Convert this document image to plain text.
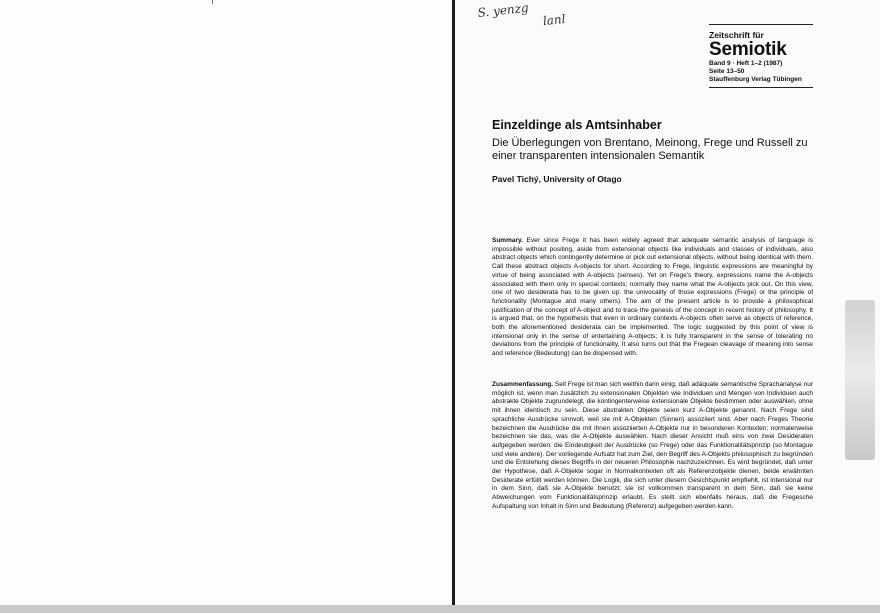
S. yenzg
lanl
Zeitschrift für
Semiotik
Band 9 · Heft 1–2 (1987)
Seite 13–50
Stauffenburg Verlag Tübingen
Einzeldinge als Amtsinhaber

Die Überlegungen von Brentano, Meinong, Frege und Russell zu einer transparenten intensionalen Semantik

Pavel Tichý, University of Otago

Summary. Ever since Frege it has been widely agreed that adequate semantic analysis of language is impossible without positing, aside from extensional objects like individuals and classes of individuals, also abstract objects which contingently determine or pick out extensional objects, without being identical with them. Call these abstract objects A-objects for short. According to Frege, linguistic expressions are meaningful by virtue of being associated with A-objects (senses). Yet on Frege's theory, expressions name the A-objects associated with them only in special contexts; normally they name what the A-objects pick out. On this view, one of two desiderata has to be given up: the univocality of those expressions (Frege) or the principle of functionality (Montague and many others). The aim of the present article is to provide a philosophical justification of the concept of A-object and to trace the genesis of the concept in recent history of philosophy. It is argued that, on the hypothesis that even in ordinary contexts A-objects often serve as objects of reference, both the aforementioned desiderata can be implemented. The logic suggested by this point of view is intensional only in the sense of entertaining A-objects; it is fully transparent in the sense of tolerating no deviations from the principle of functionality. It also turns out that the Fregean cleavage of meaning into sense and reference (Bedeutung) can be dispensed with.

Zusammenfassung. Seit Frege ist man sich weithin darin einig, daß adäquate semantische Sprachanalyse nur möglich ist, wenn man zusätzlich zu extensionalen Objekten wie Individuen und Mengen von Individuen auch abstrakte Objekte zugrundelegt, die kontingenterweise extensionale Objekte bestimmen oder auswählen, ohne mit ihnen identisch zu sein. Diese abstrakten Objekte seien kurz A-Objekte genannt. Nach Frege sind sprachliche Ausdrücke sinnvoll, weil sie mit A-Objekten (Sinnen) assoziiert sind. Aber nach Freges Theorie bezeichnen die Ausdrücke die mit ihnen assoziierten A-Objekte nur in besonderen Kontexten; normalerweise bezeichnen sie das, was die A-Objekte auswählen. Nach dieser Ansicht muß eins von zwei Desideraten aufgegeben werden: die Eindeutigkeit der Ausdrücke (so Frege) oder das Funktionalitätsprinzip (so Montague und viele andere). Der vorliegende Aufsatz hat zum Ziel, den Begriff des A-Objekts philosophisch zu begründen und die Entstehung dieses Begriffs in der neueren Philosophie nachzuzeichnen. Es wird begründet, daß unter der Hypothese, daß A-Objekte sogar in Normalkontexten oft als Referenzobjekte dienen, beide erwähnten Desiderate erfüllt werden können. Die Logik, die sich unter diesem Gesichtspunkt empfiehlt, ist intensional nur in dem Sinn, daß sie A-Objekte benutzt; sie ist vollkommen transparent in dem Sinn, daß sie keine Abweichungen vom Funktionalitätsprinzip erlaubt. Es stellt sich ebenfalls heraus, daß die Fregesche Aufspaltung von Inhalt in Sinn und Bedeutung (Referenz) aufgegeben werden kann.
